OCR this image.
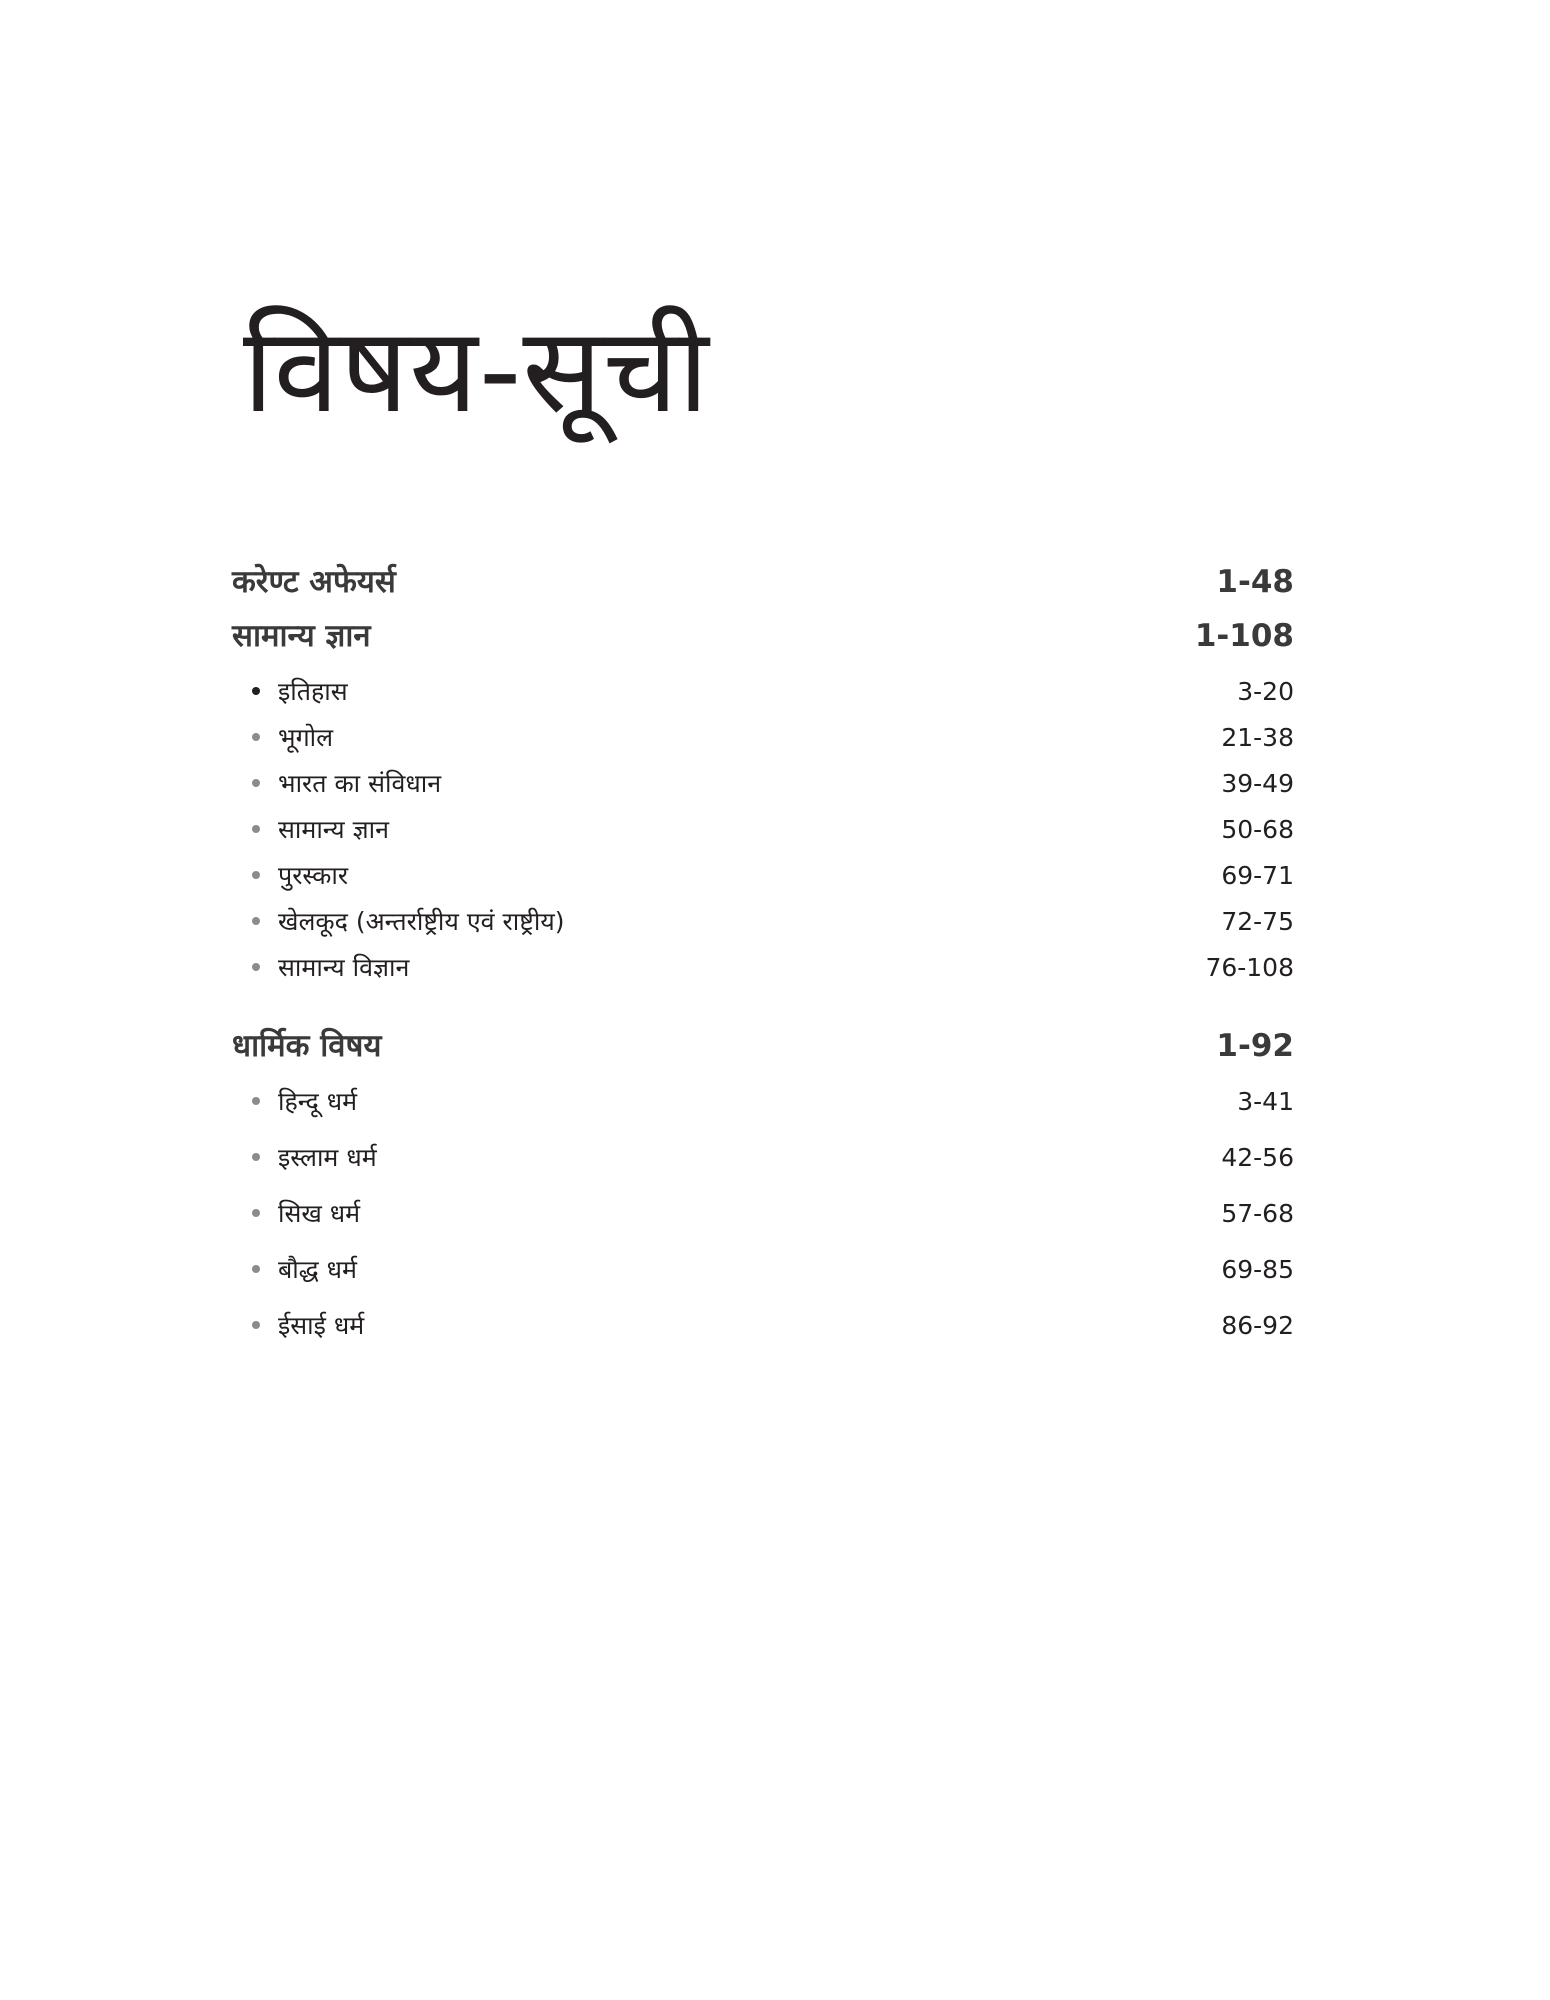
विषय-सूची
करेण्ट अफेयर्स	1-48
सामान्य ज्ञान	1-108
इतिहास	3-20
भूगोल	21-38
भारत का संविधान	39-49
सामान्य ज्ञान	50-68
पुरस्कार	69-71
खेलकूद (अन्तर्राष्ट्रीय एवं राष्ट्रीय)	72-75
सामान्य विज्ञान	76-108
धार्मिक विषय	1-92
हिन्दू धर्म	3-41
इस्लाम धर्म	42-56
सिख धर्म	57-68
बौद्ध धर्म	69-85
ईसाई धर्म	86-92
